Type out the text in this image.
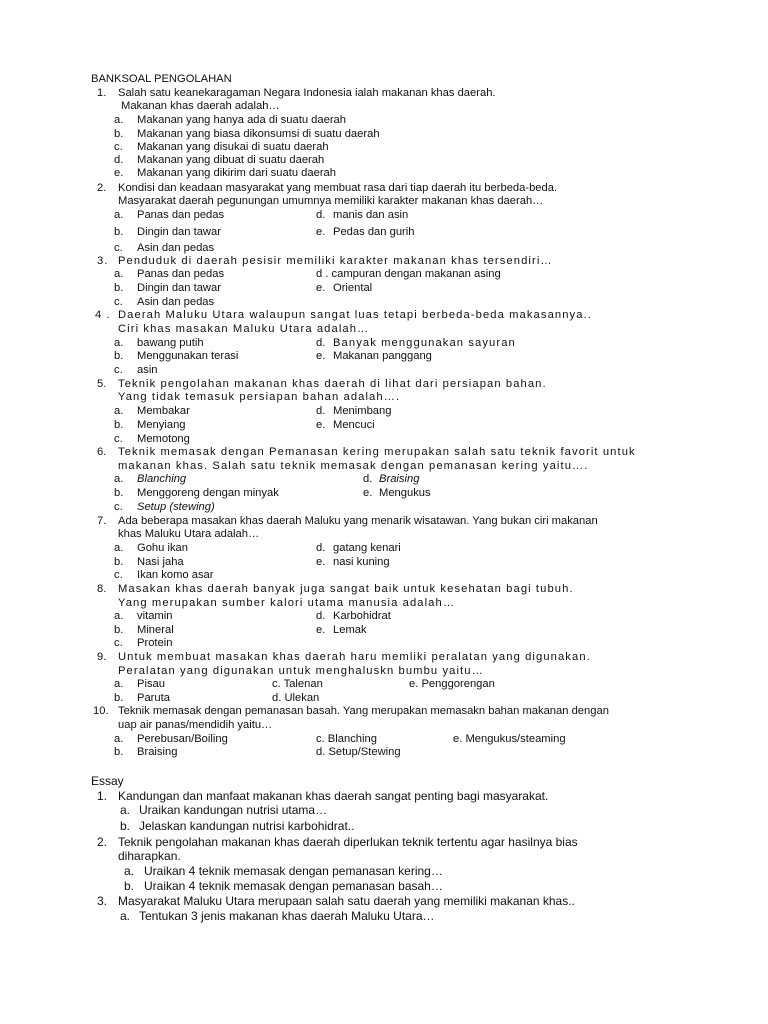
BANKSOAL PENGOLAHAN
1. Salah satu keanekaragaman Negara Indonesia ialah makanan khas daerah.
Makanan khas daerah adalah…
a. Makanan yang hanya ada di suatu daerah
b. Makanan yang biasa dikonsumsi di suatu daerah
c. Makanan yang disukai di suatu daerah
d. Makanan yang dibuat di suatu daerah
e. Makanan yang dikirim dari suatu daerah
2. Kondisi dan keadaan masyarakat yang membuat rasa dari tiap daerah itu berbeda-beda.
Masyarakat daerah pegunungan umumnya memiliki karakter makanan khas daerah…
a. Panas dan pedas	d. manis dan asin
b. Dingin dan tawar	e. Pedas dan gurih
c. Asin dan pedas
3. Penduduk di daerah pesisir memiliki karakter makanan khas tersendiri…
a. Panas dan pedas	d . campuran dengan makanan asing
b. Dingin dan tawar	e. Oriental
c. Asin dan pedas
4 . Daerah Maluku Utara walaupun sangat luas tetapi berbeda-beda makasannya..
Ciri khas masakan Maluku Utara adalah…
a. bawang putih	d. Banyak menggunakan sayuran
b. Menggunakan terasi	e. Makanan panggang
c. asin
5. Teknik pengolahan makanan khas daerah di lihat dari persiapan bahan.
Yang tidak temasuk persiapan bahan adalah….
a. Membakar	d. Menimbang
b. Menyiang	e. Mencuci
c. Memotong
6. Teknik memasak dengan Pemanasan kering merupakan salah satu teknik favorit untuk
makanan khas. Salah satu teknik memasak dengan pemanasan kering yaitu….
a. Blanching	d. Braising
b. Menggoreng dengan minyak	e. Mengukus
c. Setup (stewing)
7. Ada beberapa masakan khas daerah Maluku yang menarik wisatawan. Yang bukan ciri makanan
khas Maluku Utara adalah…
a. Gohu ikan	d. gatang kenari
b. Nasi jaha	e. nasi kuning
c. Ikan komo asar
8. Masakan khas daerah banyak juga sangat baik untuk kesehatan bagi tubuh.
Yang merupakan sumber kalori utama manusia adalah…
a. vitamin	d. Karbohidrat
b. Mineral	e. Lemak
c. Protein
9. Untuk membuat masakan khas daerah haru memliki peralatan yang digunakan.
Peralatan yang digunakan untuk menghaluskn bumbu yaitu…
a. Pisau	c. Talenan	e. Penggorengan
b. Paruta	d. Ulekan
10. Teknik memasak dengan pemanasan basah. Yang merupakan memasakn bahan makanan dengan
uap air panas/mendidih yaitu…
a. Perebusan/Boiling	c. Blanching	e. Mengukus/steaming
b. Braising	d. Setup/Stewing
Essay
1. Kandungan dan manfaat makanan khas daerah sangat penting bagi masyarakat.
a. Uraikan kandungan nutrisi utama…
b. Jelaskan kandungan nutrisi karbohidrat..
2. Teknik pengolahan makanan khas daerah diperlukan teknik tertentu agar hasilnya bias
diharapkan.
a. Uraikan 4 teknik memasak dengan pemanasan kering…
b. Uraikan 4 teknik memasak dengan pemanasan basah…
3. Masyarakat Maluku Utara merupaan salah satu daerah yang memiliki makanan khas..
a. Tentukan 3 jenis makanan khas daerah Maluku Utara…
